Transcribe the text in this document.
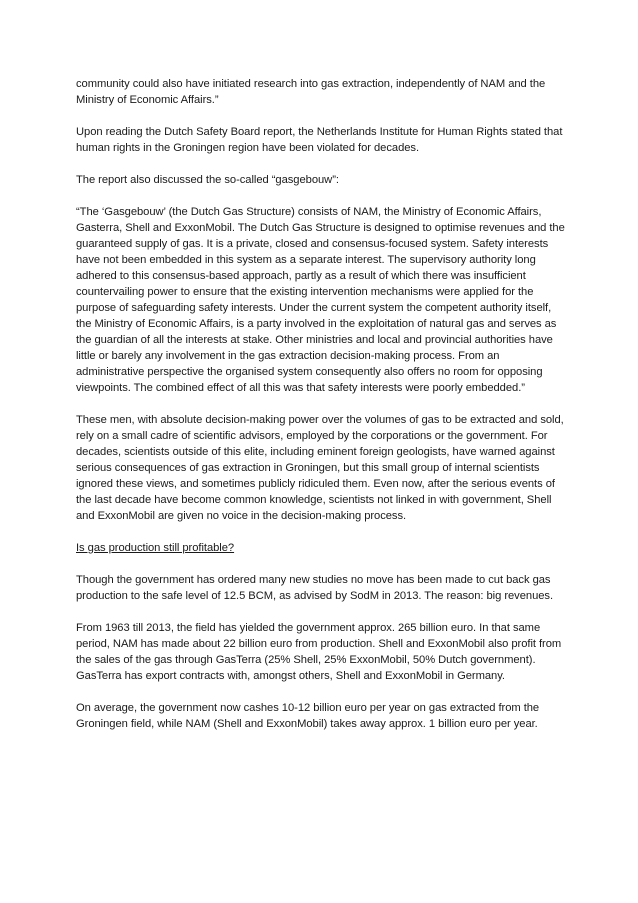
community could also have initiated research into gas extraction, independently of NAM and the Ministry of Economic Affairs.”

Upon reading the Dutch Safety Board report, the Netherlands Institute for Human Rights stated that human rights in the Groningen region have been violated for decades.

The report also discussed the so-called “gasgebouw”:

“The ‘Gasgebouw’ (the Dutch Gas Structure) consists of NAM, the Ministry of Economic Affairs, Gasterra, Shell and ExxonMobil. The Dutch Gas Structure is designed to optimise revenues and the guaranteed supply of gas. It is a private, closed and consensus-focused system. Safety interests have not been embedded in this system as a separate interest. The supervisory authority long adhered to this consensus-based approach, partly as a result of which there was insufficient countervailing power to ensure that the existing intervention mechanisms were applied for the purpose of safeguarding safety interests. Under the current system the competent authority itself, the Ministry of Economic Affairs, is a party involved in the exploitation of natural gas and serves as the guardian of all the interests at stake. Other ministries and local and provincial authorities have little or barely any involvement in the gas extraction decision-making process. From an administrative perspective the organised system consequently also offers no room for opposing viewpoints. The combined effect of all this was that safety interests were poorly embedded.”

These men, with absolute decision-making power over the volumes of gas to be extracted and sold, rely on a small cadre of scientific advisors, employed by the corporations or the government. For decades, scientists outside of this elite, including eminent foreign geologists, have warned against serious consequences of gas extraction in Groningen, but this small group of internal scientists ignored these views, and sometimes publicly ridiculed them. Even now, after the serious events of the last decade have become common knowledge, scientists not linked in with government, Shell and ExxonMobil are given no voice in the decision-making process.

Is gas production still profitable?

Though the government has ordered many new studies no move has been made to cut back gas production to the safe level of 12.5 BCM, as advised by SodM in 2013. The reason: big revenues.

From 1963 till 2013, the field has yielded the government approx. 265 billion euro. In that same period, NAM has made about 22 billion euro from production. Shell and ExxonMobil also profit from the sales of the gas through GasTerra (25% Shell, 25% ExxonMobil, 50% Dutch government). GasTerra has export contracts with, amongst others, Shell and ExxonMobil in Germany.

On average, the government now cashes 10-12 billion euro per year on gas extracted from the Groningen field, while NAM (Shell and ExxonMobil) takes away approx. 1 billion euro per year.
